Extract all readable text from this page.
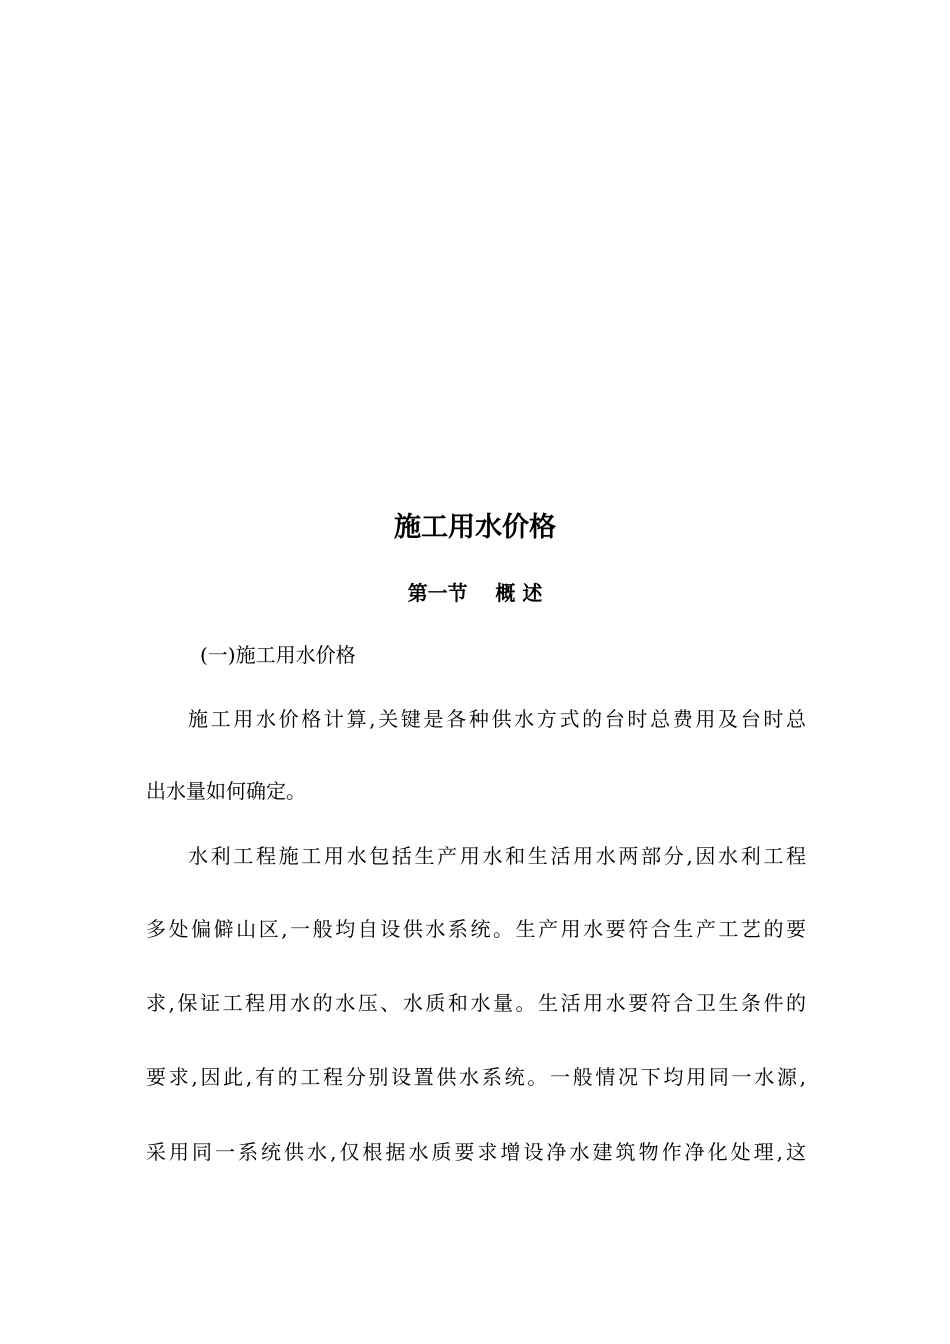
施工用水价格
第一节    概 述

(一)施工用水价格

施工用水价格计算,关键是各种供水方式的台时总费用及台时总

出水量如何确定。

水利工程施工用水包括生产用水和生活用水两部分,因水利工程

多处偏僻山区,一般均自设供水系统。生产用水要符合生产工艺的要

求,保证工程用水的水压、水质和水量。生活用水要符合卫生条件的

要求,因此,有的工程分别设置供水系统。一般情况下均用同一水源,

采用同一系统供水,仅根据水质要求增设净水建筑物作净化处理,这
